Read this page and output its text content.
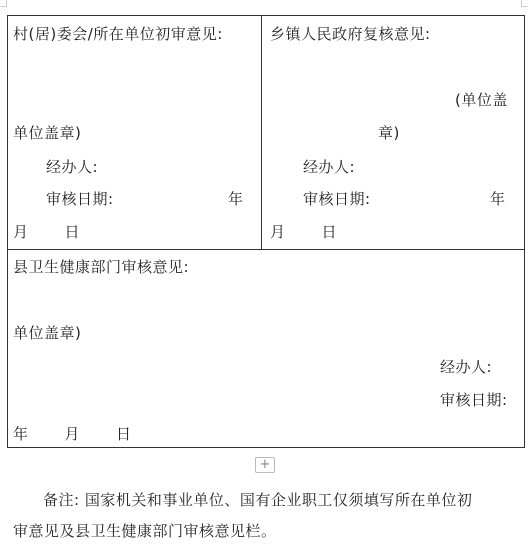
村(居)委会/所在单位初审意见:
单位盖章)
经办人:
审核日期:	年
月 日
乡镇人民政府复核意见:
(单位盖
章)
经办人:
审核日期:	年
月 日
县卫生健康部门审核意见:
单位盖章)
经办人:
审核日期:
年 月 日
+
备注: 国家机关和事业单位、国有企业职工仅须填写所在单位初
审意见及县卫生健康部门审核意见栏。
